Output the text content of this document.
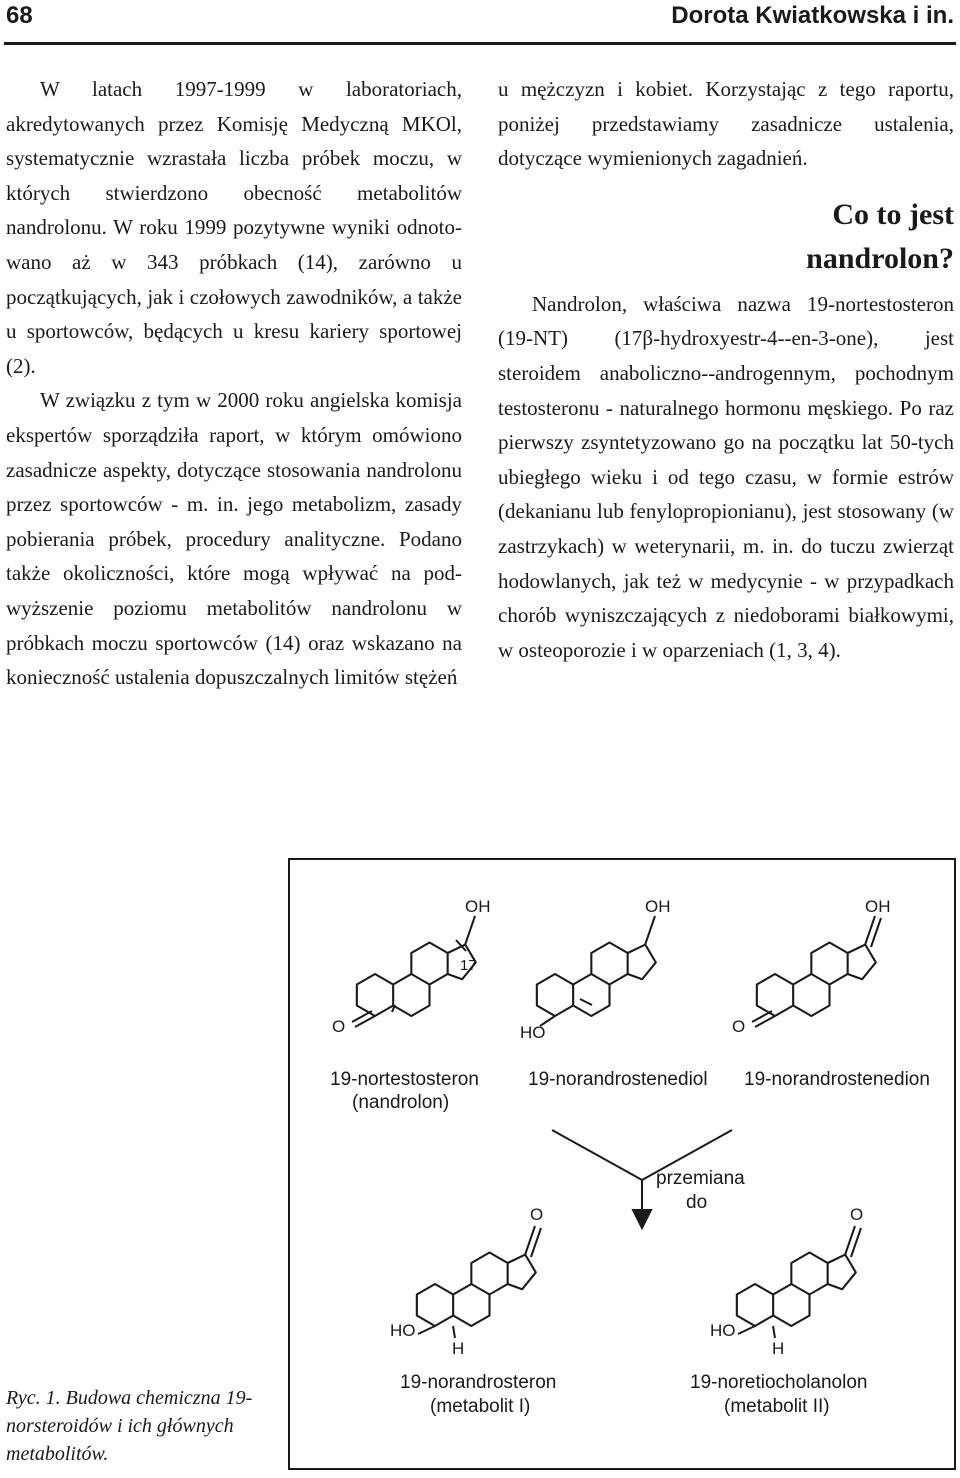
68	Dorota Kwiatkowska i in.

W latach 1997-1999 w laboratoriach, akredytowanych przez Komisję Medyczną MKOl, systematycznie wzrastała liczba próbek moczu, w których stwierdzono obecność metabolitów nandrolonu. W roku 1999 pozytywne wyniki odnotowano aż w 343 próbkach (14), zarówno u początkujących, jak i czołowych zawodników, a także u sportowców, będących u kresu kariery sportowej (2).

W związku z tym w 2000 roku angielska komisja ekspertów sporządziła raport, w którym omówiono zasadnicze aspekty, dotyczące stosowania nandrolonu przez sportowców - m. in. jego metabolizm, zasady pobierania próbek, procedury analityczne. Podano także okoliczności, które mogą wpływać na podwyższenie poziomu metabolitów nandrolonu w próbkach moczu sportowców (14) oraz wskazano na konieczność ustalenia dopuszczalnych limitów stężeń

u mężczyzn i kobiet. Korzystając z tego raportu, poniżej przedstawiamy zasadnicze ustalenia, dotyczące wymienionych zagadnień.

Co to jest
nandrolon?

Nandrolon, właściwa nazwa 19-nortestosteron (19-NT) (17β-hydroxyestr-4-​-en-3-one), jest steroidem anaboliczno-​-androgennym, pochodnym testosteronu - naturalnego hormonu męskiego. Po raz pierwszy zsyntetyzowano go na początku lat 50-tych ubiegłego wieku i od tego czasu, w formie estrów (dekanianu lub fenylopropionianu), jest stosowany (w zastrzykach) w weterynarii, m. in. do tuczu zwierząt hodowlanych, jak też w medycynie - w przypadkach chorób wyniszczających z niedoborami białkowymi, w osteoporozie i w oparzeniach (1, 3, 4).

Ryc. 1. Budowa chemiczna 19-norsteroidów i ich głównych metabolitów.
O
OH
17
HO
OH
O
OH
19-nortestosteron
(nandrolon)
19-norandrostenediol 19-norandrostenedion
przemiana
do
HO
H
O
HO
H
O
19-norandrosteron
(metabolit I)
19-noretiocholanolon
(metabolit II)
